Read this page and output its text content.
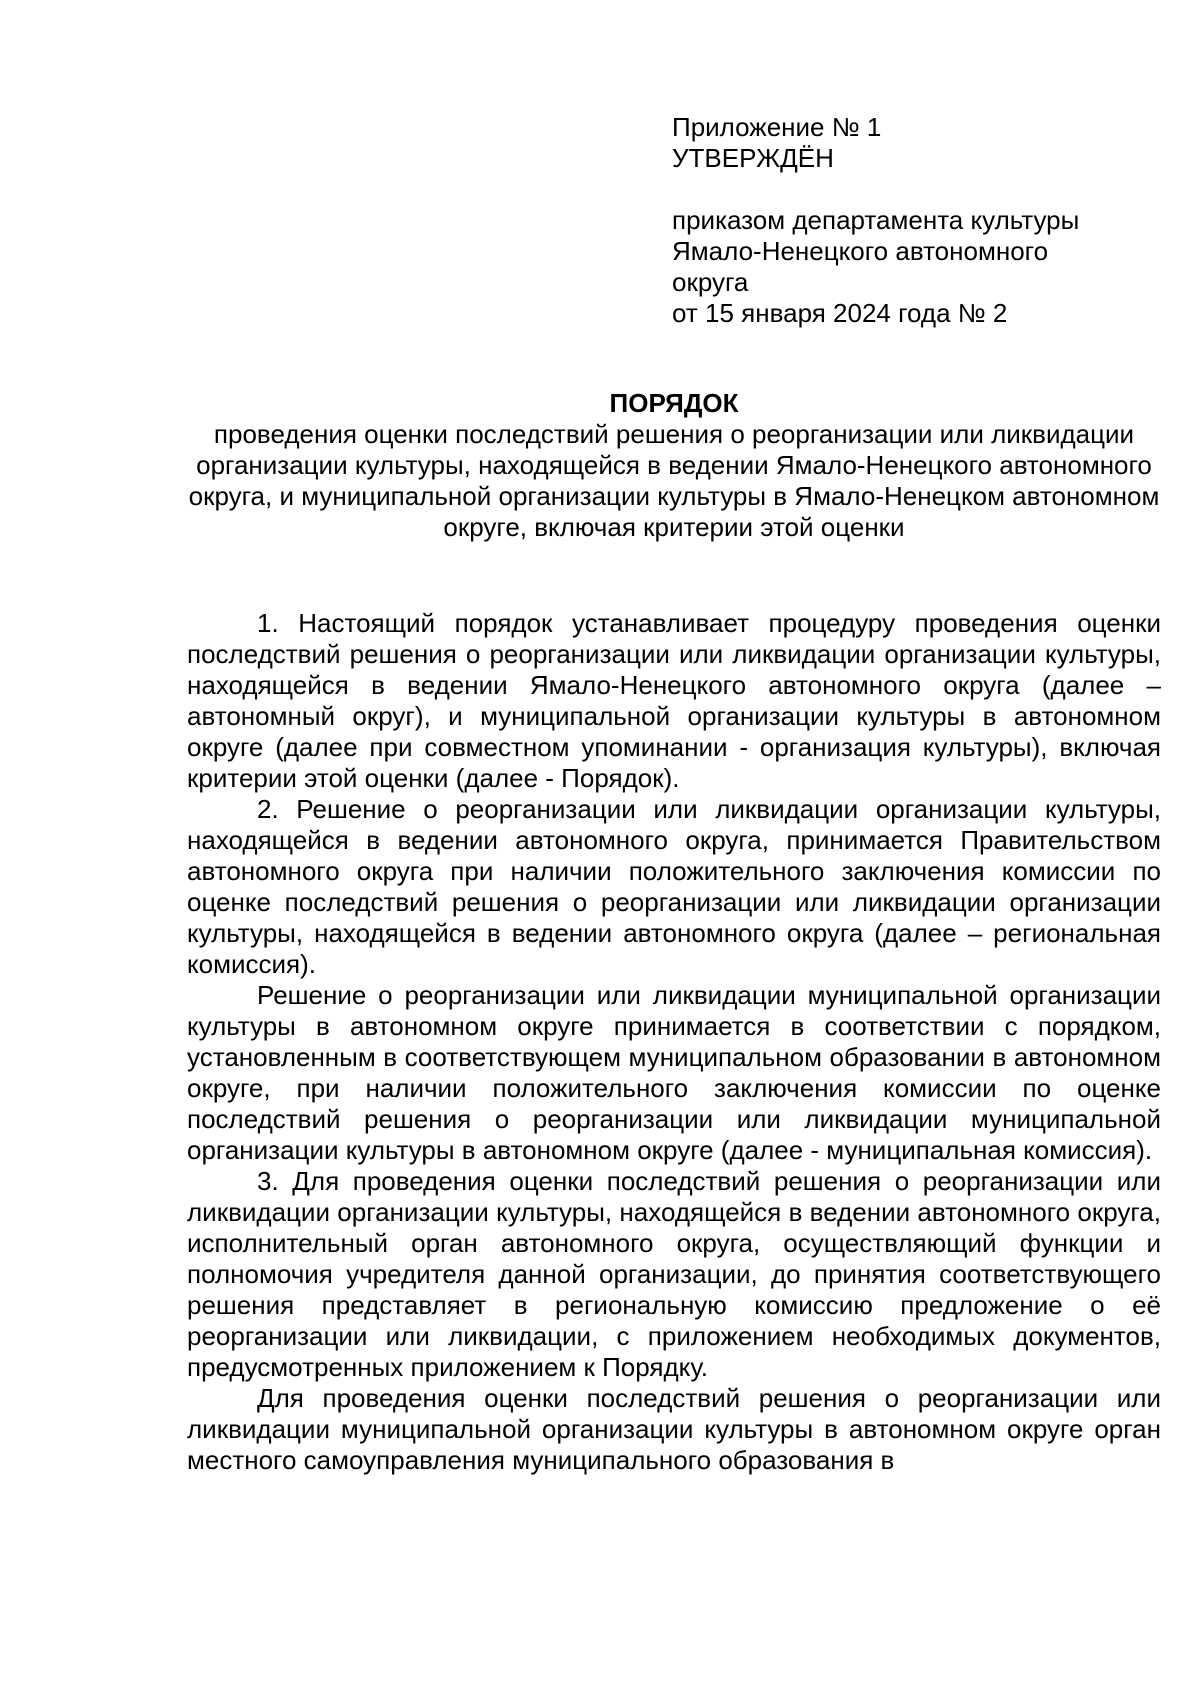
Приложение № 1
УТВЕРЖДЁН
приказом департамента культуры
Ямало-Ненецкого автономного
округа
от 15 января 2024 года № 2
ПОРЯДОК
проведения оценки последствий решения о реорганизации или ликвидации организации культуры, находящейся в ведении Ямало-Ненецкого автономного округа, и муниципальной организации культуры в Ямало-Ненецком автономном округе, включая критерии этой оценки

1. Настоящий порядок устанавливает процедуру проведения оценки последствий решения о реорганизации или ликвидации организации культуры, находящейся в ведении Ямало-Ненецкого автономного округа (далее – автономный округ), и муниципальной организации культуры в автономном округе (далее при совместном упоминании - организация культуры), включая критерии этой оценки (далее - Порядок).

2. Решение о реорганизации или ликвидации организации культуры, находящейся в ведении автономного округа, принимается Правительством автономного округа при наличии положительного заключения комиссии по оценке последствий решения о реорганизации или ликвидации организации культуры, находящейся в ведении автономного округа (далее – региональная комиссия).

Решение о реорганизации или ликвидации муниципальной организации культуры в автономном округе принимается в соответствии с порядком, установленным в соответствующем муниципальном образовании в автономном округе, при наличии положительного заключения комиссии по оценке последствий решения о реорганизации или ликвидации муниципальной организации культуры в автономном округе (далее - муниципальная комиссия).

3. Для проведения оценки последствий решения о реорганизации или ликвидации организации культуры, находящейся в ведении автономного округа, исполнительный орган автономного округа, осуществляющий функции и полномочия учредителя данной организации, до принятия соответствующего решения представляет в региональную комиссию предложение о её реорганизации или ликвидации, с приложением необходимых документов, предусмотренных приложением к Порядку.

Для проведения оценки последствий решения о реорганизации или ликвидации муниципальной организации культуры в автономном округе орган местного самоуправления муниципального образования в
